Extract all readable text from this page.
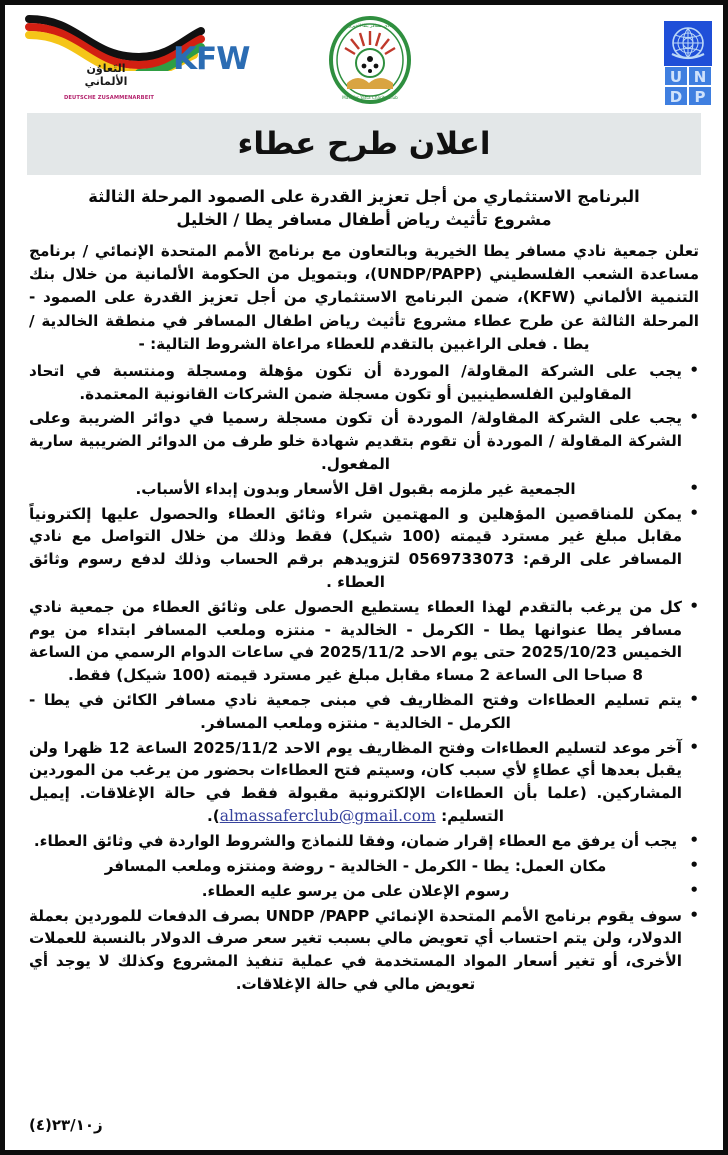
التَعاوُن
الألماني
DEUTSCHE ZUSAMMENARBEIT
KFW
نادي مسافر يطا الخيري
Masafer Yatta Charity Club
U N
D P
اعلان طرح عطاء
البرنامج الاستثماري من أجل تعزيز القدرة على الصمود المرحلة الثالثة
مشروع تأثيث رياض أطفال مسافر يطا / الخليل

تعلن جمعية نادي مسافر يطا الخيرية وبالتعاون مع برنامج الأمم المتحدة الإنمائي / برنامج مساعدة الشعب الفلسطيني (UNDP/PAPP)، وبتمويل من الحكومة الألمانية من خلال بنك التنمية الألماني (KFW)، ضمن البرنامج الاستثماري من أجل تعزيز القدرة على الصمود - المرحلة الثالثة عن طرح عطاء مشروع تأثيث رياض اطفال المسافر في منطقة الخالدية /يطا . فعلى الراغبين بالتقدم للعطاء مراعاة الشروط التالية: -

• يجب على الشركة المقاولة/ الموردة أن تكون مؤهلة ومسجلة ومنتسبة في اتحاد المقاولين الفلسطينيين أو تكون مسجلة ضمن الشركات القانونية المعتمدة.
• يجب على الشركة المقاولة/ الموردة أن تكون مسجلة رسميا في دوائر الضريبة وعلى الشركة المقاولة / الموردة أن تقوم بتقديم شهادة خلو طرف من الدوائر الضريبية سارية المفعول.
• الجمعية غير ملزمه بقبول اقل الأسعار وبدون إبداء الأسباب.
• يمكن للمناقصين المؤهلين و المهتمين شراء وثائق العطاء والحصول عليها إلكترونياً مقابل مبلغ غير مسترد قيمته (100 شيكل) فقط وذلك من خلال التواصل مع نادي المسافر على الرقم: 0569733073 لتزويدهم برقم الحساب وذلك لدفع رسوم وثائق العطاء .
• كل من يرغب بالتقدم لهذا العطاء يستطيع الحصول على وثائق العطاء من جمعية نادي مسافر يطا عنوانها يطا - الكرمل - الخالدية - منتزه وملعب المسافر ابتداء من يوم الخميس 2025/10/23 حتى يوم الاحد 2025/11/2 في ساعات الدوام الرسمي من الساعة 8 صباحا الى الساعة 2 مساء مقابل مبلغ غير مسترد قيمته (100 شيكل) فقط.
• يتم تسليم العطاءات وفتح المظاريف في مبنى جمعية نادي مسافر الكائن في يطا - الكرمل - الخالدية - منتزه وملعب المسافر.
• آخر موعد لتسليم العطاءات وفتح المظاريف يوم الاحد 2025/11/2 الساعة 12 ظهرا ولن يقبل بعدها أي عطاءٍ لأي سبب كان، وسيتم فتح العطاءات بحضور من يرغب من الموردين المشاركين. (علما بأن العطاءات الإلكترونية مقبولة فقط في حالة الإغلاقات. إيميل التسليم: almassaferclub@gmail.com).
• يجب أن يرفق مع العطاء إقرار ضمان، وفقا للنماذج والشروط الواردة في وثائق العطاء.
• مكان العمل: يطا - الكرمل - الخالدية - روضة ومنتزه وملعب المسافر
• رسوم الإعلان على من يرسو عليه العطاء.
• سوف يقوم برنامج الأمم المتحدة الإنمائي UNDP /PAPP بصرف الدفعات للموردين بعملة الدولار، ولن يتم احتساب أي تعويض مالي بسبب تغير سعر صرف الدولار بالنسبة للعملات الأخرى، أو تغير أسعار المواد المستخدمة في عملية تنفيذ المشروع وكذلك لا يوجد أي تعويض مالي في حالة الإغلاقات.
ز٢٣/١٠(٤)
